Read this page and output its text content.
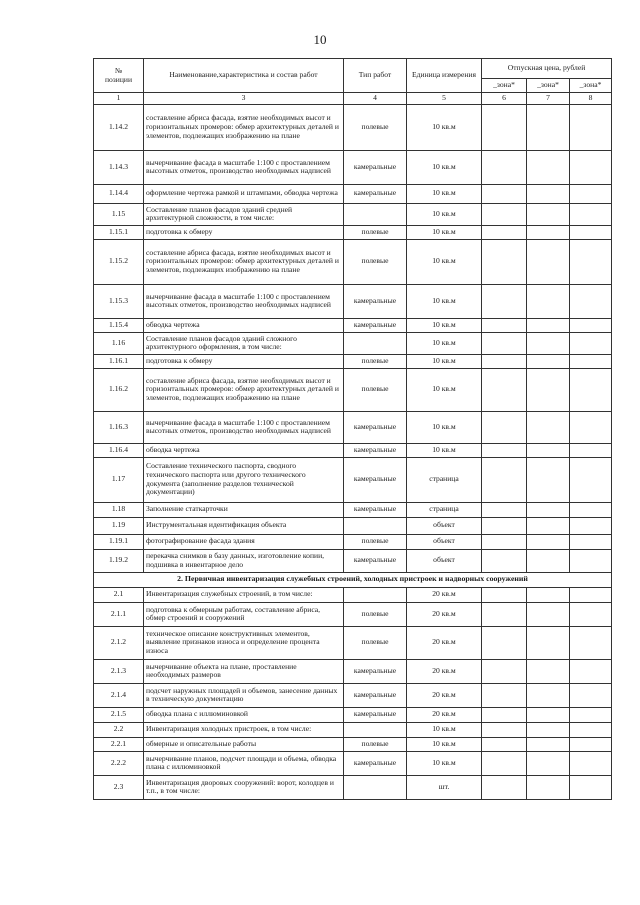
10
№
позиции	Наименование,характеристика и состав работ	Тип работ	Единица измерения	Отпускная цена, рублей		
				_зона*	_зона*	_зона*
1	3	4	5	6	7	8
1.14.2	составление абриса фасада, взятие необходимых высот и горизонтальных промеров: обмер архитектурных деталей и элементов, подлежащих изображению на плане	полевые	10 кв.м			
1.14.3	вычерчивание фасада в масштабе 1:100 с проставлением высотных отметок, производство необходимых надписей	камеральные	10 кв.м			
1.14.4	оформление чертежа рамкой и штампами, обводка чертежа	камеральные	10 кв.м			
1.15	Составление планов фасадов зданий средней архитектурной сложности, в том числе:		10 кв.м			
1.15.1	подготовка к обмеру	полевые	10 кв.м			
1.15.2	составление абриса фасада, взятие необходимых высот и горизонтальных промеров: обмер архитектурных деталей и элементов, подлежащих изображению на плане	полевые	10 кв.м			
1.15.3	вычерчивание фасада в масштабе 1:100 с проставлением высотных отметок, производство необходимых надписей	камеральные	10 кв.м			
1.15.4	обводка чертежа	камеральные	10 кв.м			
1.16	Составление планов фасадов зданий сложного архитектурного оформления, в том числе:		10 кв.м			
1.16.1	подготовка к обмеру	полевые	10 кв.м			
1.16.2	составление абриса фасада, взятие необходимых высот и горизонтальных промеров: обмер архитектурных деталей и элементов, подлежащих изображению на плане	полевые	10 кв.м			
1.16.3	вычерчивание фасада в масштабе 1:100 с проставлением высотных отметок, производство необходимых надписей	камеральные	10 кв.м			
1.16.4	обводка чертежа	камеральные	10 кв.м			
1.17	Составление технического паспорта, сводного технического паспорта или другого технического документа (заполнение разделов технической документации)	камеральные	страница			
1.18	Заполнение статкарточки	камеральные	страница			
1.19	Инструментальная идентификация объекта		объект			
1.19.1	фотографирование фасада здания	полевые	объект			
1.19.2	перекачка снимков в базу данных, изготовление копии, подшивка в инвентарное дело	камеральные	объект			
2. Первичная инвентаризация служебных строений, холодных пристроек и надворных сооружений						
2.1	Инвентаризация служебных строений, в том числе:		20 кв.м			
2.1.1	подготовка к обмерным работам, составление абриса, обмер строений и сооружений	полевые	20 кв.м			
2.1.2	техническое описание конструктивных элементов, выявление признаков износа и определение процента износа	полевые	20 кв.м			
2.1.3	вычерчивание объекта на плане, проставление необходимых размеров	камеральные	20 кв.м			
2.1.4	подсчет наружных площадей и объемов, занесение данных в техническую документацию	камеральные	20 кв.м			
2.1.5	обводка плана с иллюминовкой	камеральные	20 кв.м			
2.2	Инвентаризация холодных пристроек, в том числе:		10 кв.м			
2.2.1	обмерные и описательные работы	полевые	10 кв.м			
2.2.2	вычерчивание планов, подсчет площади и объема, обводка плана с иллюминовкой	камеральные	10 кв.м			
2.3	Инвентаризация дворовых сооружений: ворот, колодцев и т.п., в том числе:		шт.			
